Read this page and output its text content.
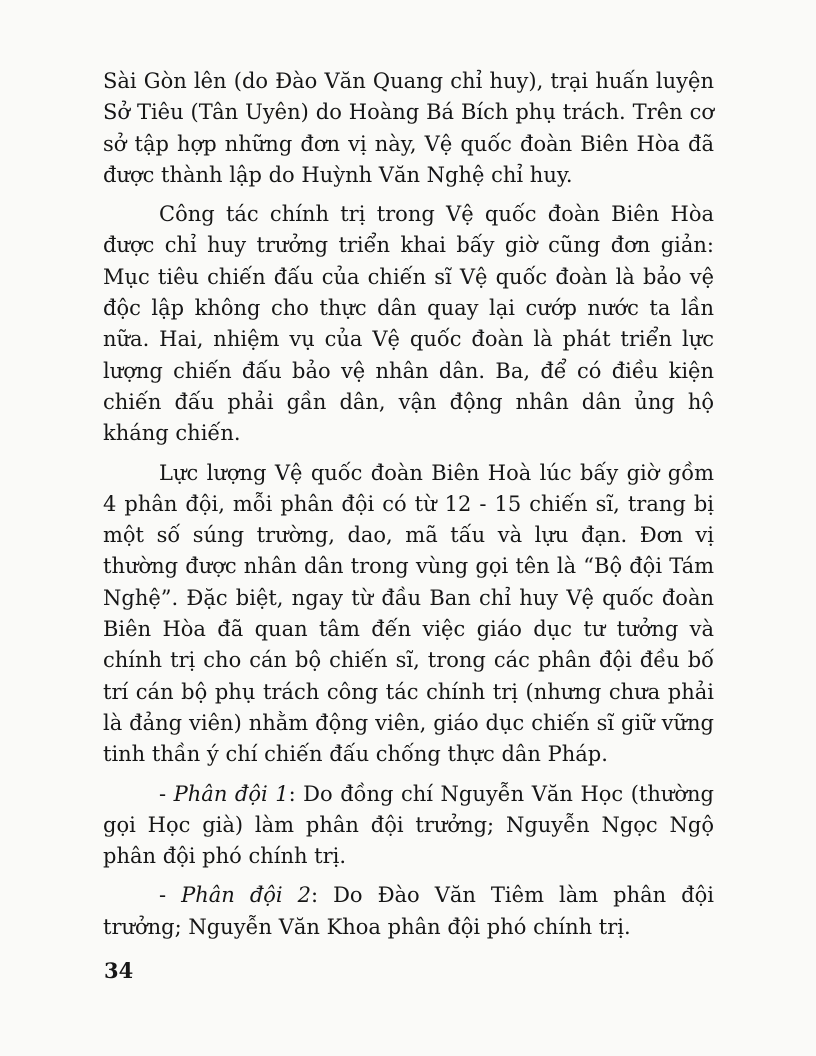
Sài Gòn lên (do Đào Văn Quang chỉ huy), trại huấn luyện Sở Tiêu (Tân Uyên) do Hoàng Bá Bích phụ trách. Trên cơ sở tập hợp những đơn vị này, Vệ quốc đoàn Biên Hòa đã được thành lập do Huỳnh Văn Nghệ chỉ huy.

Công tác chính trị trong Vệ quốc đoàn Biên Hòa được chỉ huy trưởng triển khai bấy giờ cũng đơn giản: Mục tiêu chiến đấu của chiến sĩ Vệ quốc đoàn là bảo vệ độc lập không cho thực dân quay lại cướp nước ta lần nữa. Hai, nhiệm vụ của Vệ quốc đoàn là phát triển lực lượng chiến đấu bảo vệ nhân dân. Ba, để có điều kiện chiến đấu phải gần dân, vận động nhân dân ủng hộ kháng chiến.

Lực lượng Vệ quốc đoàn Biên Hoà lúc bấy giờ gồm 4 phân đội, mỗi phân đội có từ 12 - 15 chiến sĩ, trang bị một số súng trường, dao, mã tấu và lựu đạn. Đơn vị thường được nhân dân trong vùng gọi tên là “Bộ đội Tám Nghệ”. Đặc biệt, ngay từ đầu Ban chỉ huy Vệ quốc đoàn Biên Hòa đã quan tâm đến việc giáo dục tư tưởng và chính trị cho cán bộ chiến sĩ, trong các phân đội đều bố trí cán bộ phụ trách công tác chính trị (nhưng chưa phải là đảng viên) nhằm động viên, giáo dục chiến sĩ giữ vững tinh thần ý chí chiến đấu chống thực dân Pháp.

- Phân đội 1: Do đồng chí Nguyễn Văn Học (thường gọi Học già) làm phân đội trưởng; Nguyễn Ngọc Ngộ phân đội phó chính trị.

- Phân đội 2: Do Đào Văn Tiêm làm phân đội trưởng; Nguyễn Văn Khoa phân đội phó chính trị.

34
